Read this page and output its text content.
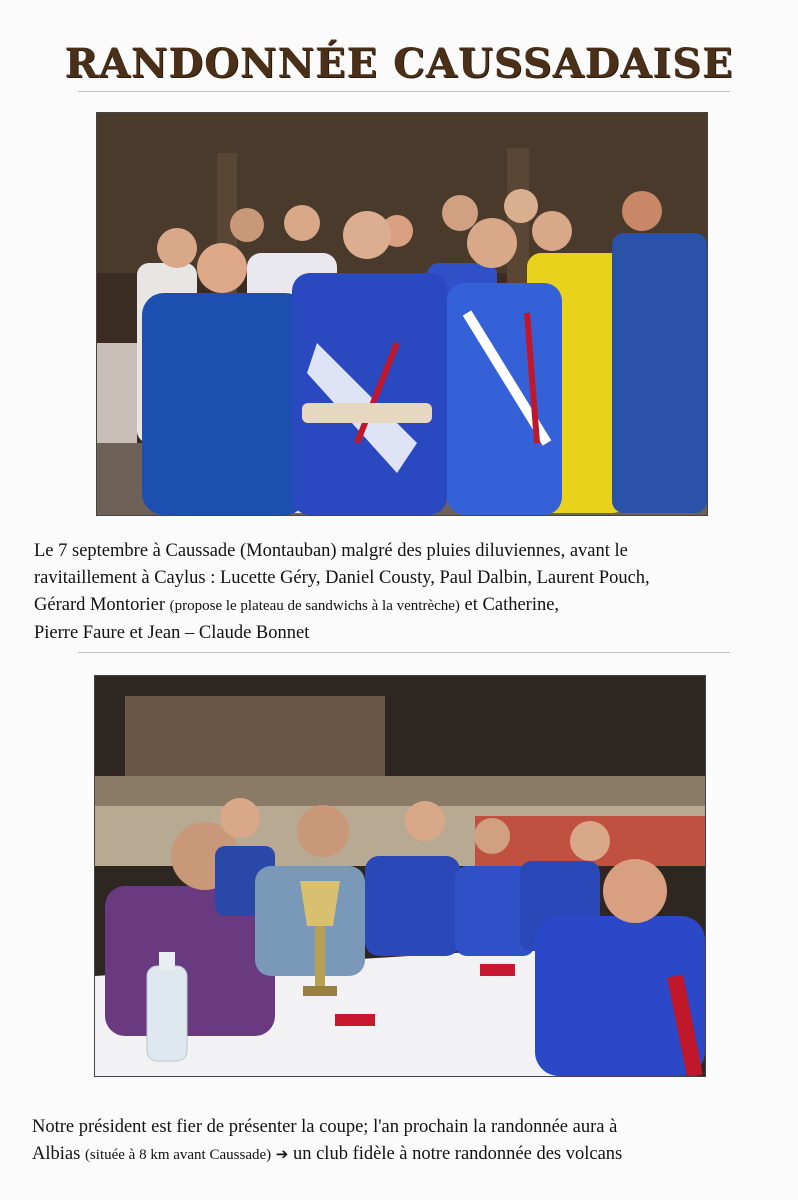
RANDONNÉE CAUSSADAISE
Le 7 septembre à Caussade (Montauban) malgré des pluies diluviennes, avant le
ravitaillement à Caylus : Lucette Géry, Daniel Cousty, Paul Dalbin, Laurent Pouch,
Gérard Montorier (propose le plateau de sandwichs à la ventrèche) et Catherine,
Pierre Faure et Jean – Claude Bonnet
Notre président est fier de présenter la coupe; l'an prochain la randonnée aura à
Albias (située à 8 km avant Caussade) ➔ un club fidèle à notre randonnée des volcans
